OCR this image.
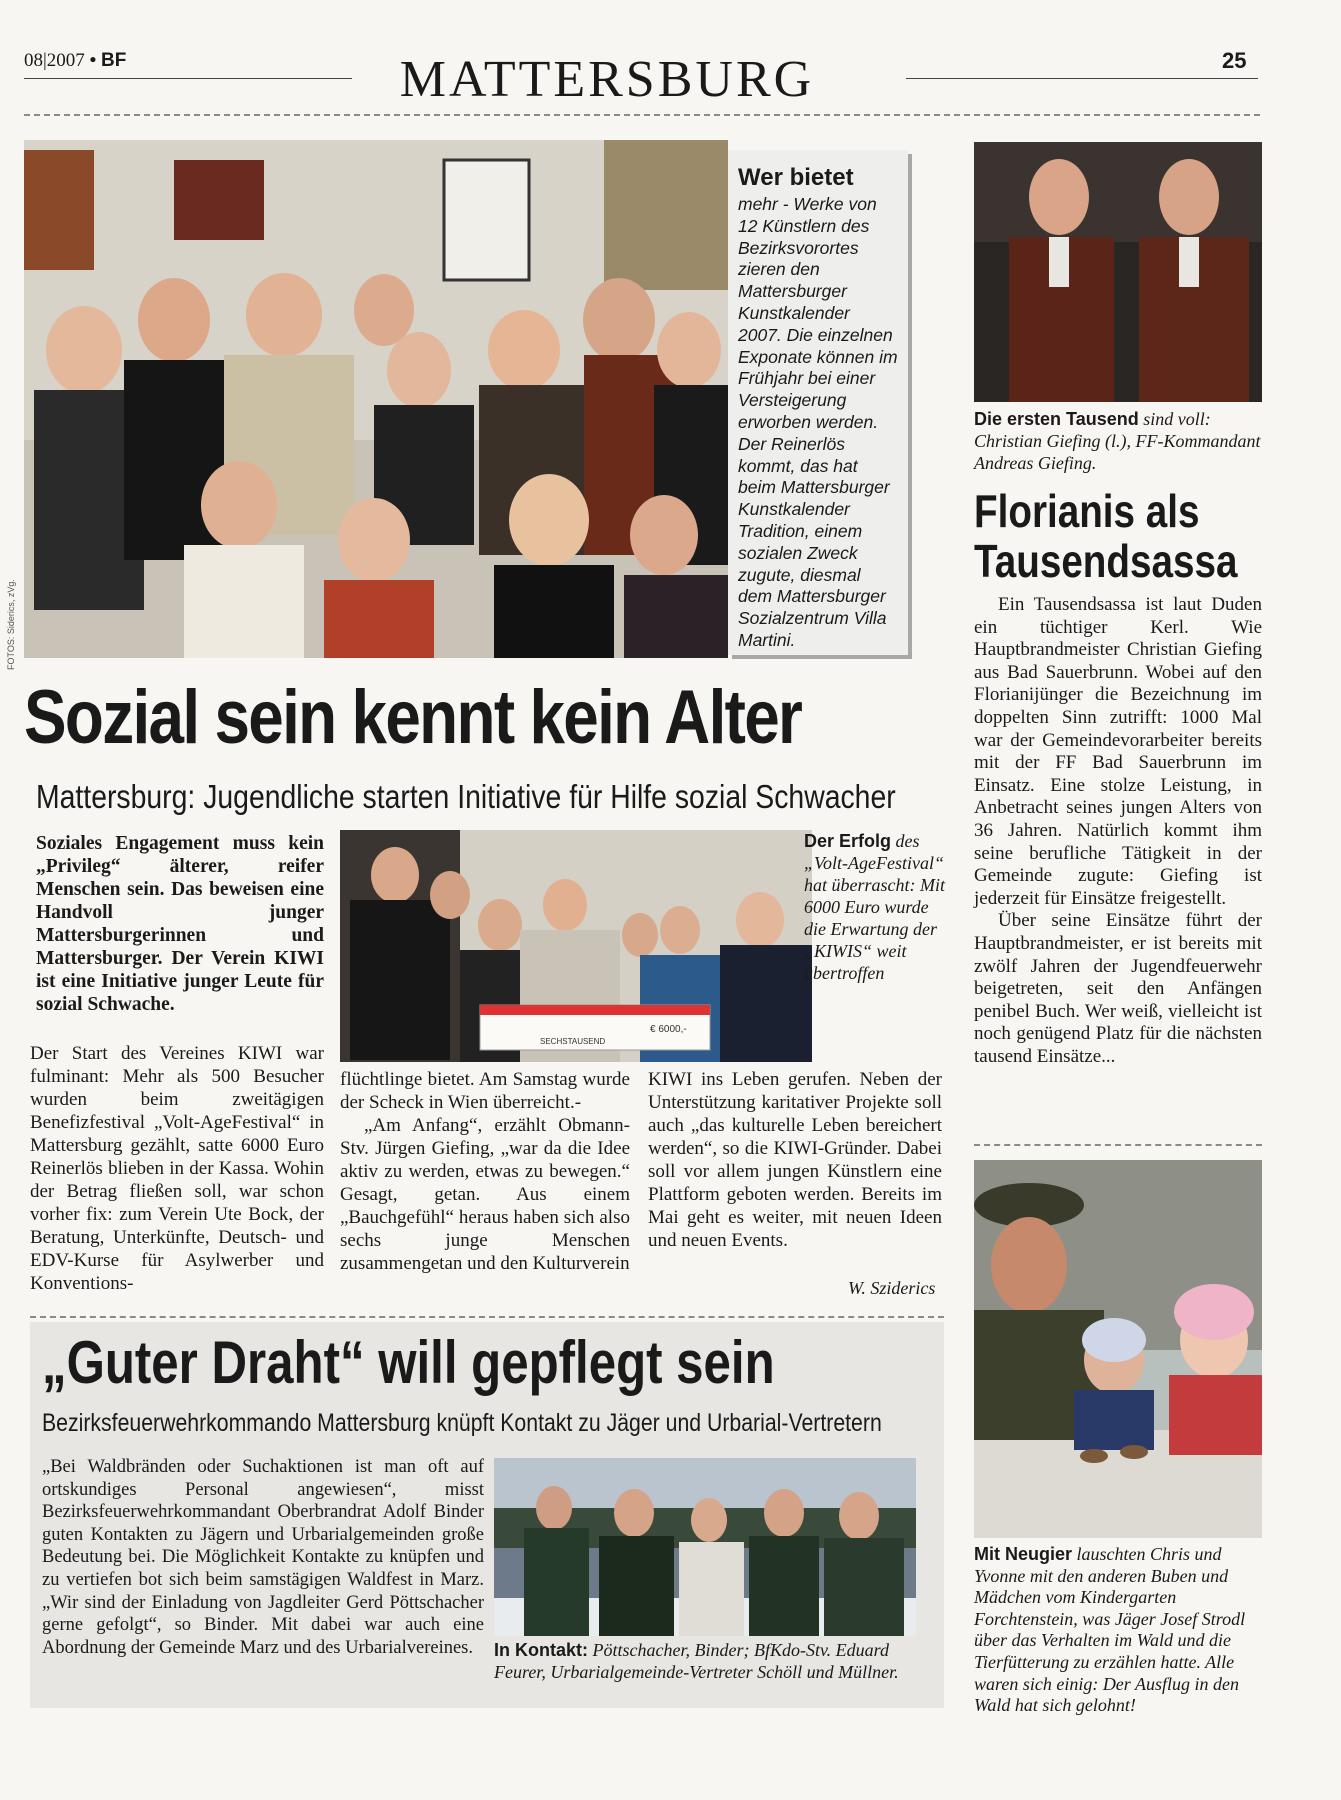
08|2007 • BF	MATTERSBURG	25
FOTOS: Siderics, zVg.
Wer bietet
mehr - Werke von 12 Künstlern des Bezirksvorortes zieren den Mattersburger Kunstkalender 2007. Die einzelnen Exponate können im Frühjahr bei einer Versteigerung erworben werden. Der Reinerlös kommt, das hat beim Mattersburger Kunstkalender Tradition, einem sozialen Zweck zugute, diesmal dem Mattersburger Sozialzentrum Villa Martini.
Sozial sein kennt kein Alter
Mattersburg: Jugendliche starten Initiative für Hilfe sozial Schwacher
Soziales Engagement muss kein „Privileg“ älterer, reifer Menschen sein. Das beweisen eine Handvoll junger Mattersburgerinnen und Mattersburger. Der Verein KIWI ist eine Initiative junger Leute für sozial Schwache.
Der Start des Vereines KIWI war fulminant: Mehr als 500 Besucher wurden beim zweitägigen Benefizfestival „Volt-AgeFestival“ in Mattersburg gezählt, satte 6000 Euro Reinerlös blieben in der Kassa. Wohin der Betrag fließen soll, war schon vorher fix: zum Verein Ute Bock, der Beratung, Unterkünfte, Deutsch- und EDV-Kurse für Asylwerber und Konventions-
€ 6000,-
SECHSTAUSEND
Der Erfolg des „Volt-AgeFestival“ hat überrascht: Mit 6000 Euro wurde die Erwartung der „KIWIS“ weit übertroffen

flüchtlinge bietet. Am Samstag wurde der Scheck in Wien überreicht.-

„Am Anfang“, erzählt Obmann-Stv. Jürgen Giefing, „war da die Idee aktiv zu werden, etwas zu bewegen.“ Gesagt, getan. Aus einem „Bauchgefühl“ heraus haben sich also sechs junge Menschen zusammengetan und den Kulturverein

KIWI ins Leben gerufen. Neben der Unterstützung karitativer Projekte soll auch „das kulturelle Leben bereichert werden“, so die KIWI-Gründer. Dabei soll vor allem jungen Künstlern eine Plattform geboten werden. Bereits im Mai geht es weiter, mit neuen Ideen und neuen Events.
W. Sziderics
„Guter Draht“ will gepflegt sein
Bezirksfeuerwehrkommando Mattersburg knüpft Kontakt zu Jäger und Urbarial-Vertretern
„Bei Waldbränden oder Suchaktionen ist man oft auf ortskundiges Personal angewiesen“, misst Bezirksfeuerwehrkommandant Oberbrandrat Adolf Binder guten Kontakten zu Jägern und Urbarialgemeinden große Bedeutung bei. Die Möglichkeit Kontakte zu knüpfen und zu vertiefen bot sich beim samstägigen Waldfest in Marz. „Wir sind der Einladung von Jagdleiter Gerd Pöttschacher gerne gefolgt“, so Binder. Mit dabei war auch eine Abordnung der Gemeinde Marz und des Urbarialvereines.	In Kontakt: Pöttschacher, Binder; BfKdo-Stv. Eduard Feurer, Urbarialgemeinde-Vertreter Schöll und Müllner.
Die ersten Tausend sind voll: Christian Giefing (l.), FF-Kommandant Andreas Giefing.
Florianis als Tausendsassa

Ein Tausendsassa ist laut Duden ein tüchtiger Kerl. Wie Hauptbrandmeister Christian Giefing aus Bad Sauerbrunn. Wobei auf den Florianijünger die Bezeichnung im doppelten Sinn zutrifft: 1000 Mal war der Gemeindevorarbeiter bereits mit der FF Bad Sauerbrunn im Einsatz. Eine stolze Leistung, in Anbetracht seines jungen Alters von 36 Jahren. Natürlich kommt ihm seine berufliche Tätigkeit in der Gemeinde zugute: Giefing ist jederzeit für Einsätze freigestellt.

Über seine Einsätze führt der Hauptbrandmeister, er ist bereits mit zwölf Jahren der Jugendfeuerwehr beigetreten, seit den Anfängen penibel Buch. Wer weiß, vielleicht ist noch genügend Platz für die nächsten tausend Einsätze...

Mit Neugier lauschten Chris und Yvonne mit den anderen Buben und Mädchen vom Kindergarten Forchtenstein, was Jäger Josef Strodl über das Verhalten im Wald und die Tierfütterung zu erzählen hatte. Alle waren sich einig: Der Ausflug in den Wald hat sich gelohnt!
